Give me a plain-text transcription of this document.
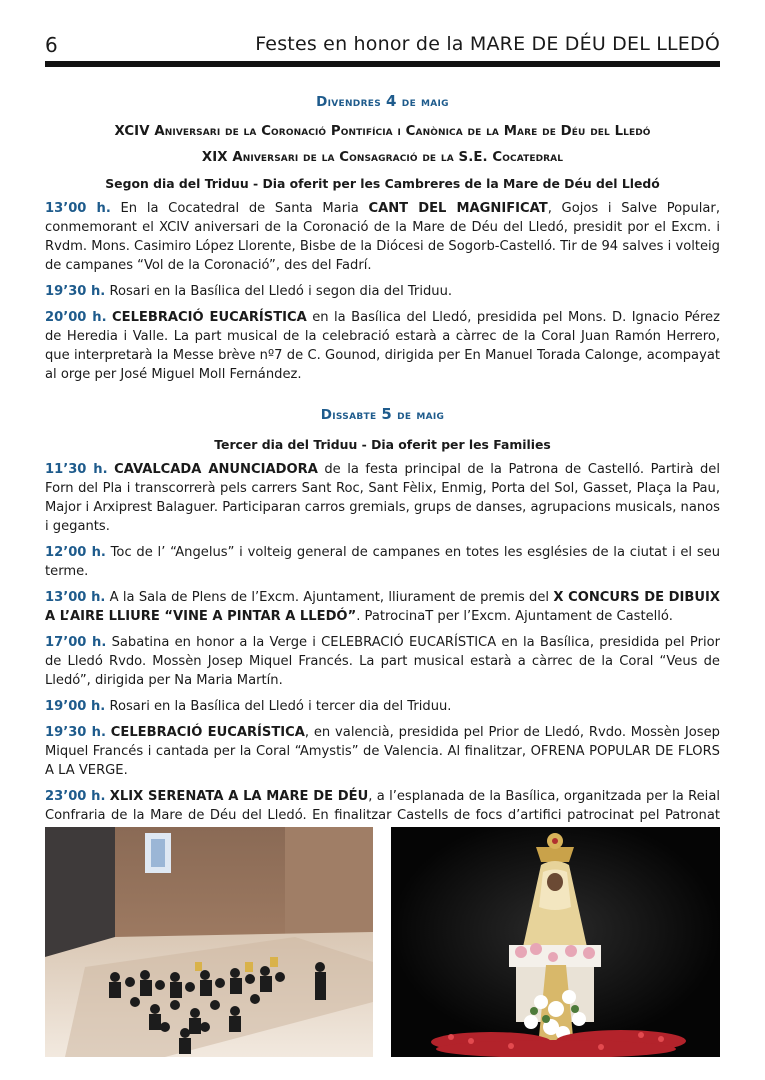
6	Festes en honor de la MARE DE DÉU DEL LLEDÓ
Divendres 4 de maig
XCIV Aniversari de la Coronació Pontifícia i Canònica de la Mare de Déu del Lledó
XIX Aniversari de la Consagració de la S.E. Cocatedral
Segon dia del Triduu - Dia oferit per les Cambreres de la Mare de Déu del Lledó

13’00 h. En la Cocatedral de Santa Maria CANT DEL MAGNIFICAT, Gojos i Salve Popular, conmemorant el XCIV aniversari de la Coronació de la Mare de Déu del Lledó, presidit por el Excm. i Rvdm. Mons. Casimiro López Llorente, Bisbe de la Diócesi de Sogorb-Castelló. Tir de 94 salves i volteig de campanes “Vol de la Coronació”, des del Fadrí.

19’30 h. Rosari en la Basílica del Lledó i segon dia del Triduu.

20’00 h. CELEBRACIÓ EUCARÍSTICA en la Basílica del Lledó, presidida pel Mons. D. Ignacio Pérez de Heredia i Valle. La part musical de la celebració estarà a càrrec de la Coral Juan Ramón Herrero, que interpretarà la Messe brève nº7 de C. Gounod, dirigida per En Manuel Torada Calonge, acompayat al orge per José Miguel Moll Fernández.

Dissabte 5 de maig
Tercer dia del Triduu - Dia oferit per les Families

11’30 h. CAVALCADA ANUNCIADORA de la festa principal de la Patrona de Castelló. Partirà del Forn del Pla i transcorrerà pels carrers Sant Roc, Sant Fèlix, Enmig, Porta del Sol, Gasset, Plaça la Pau, Major i Arxiprest Balaguer. Participaran carros gremials, grups de danses, agrupacions musicals, nanos i gegants.

12’00 h. Toc de l’ “Angelus” i volteig general de campanes en totes les esglésies de la ciutat i el seu terme.

13’00 h. A la Sala de Plens de l’Excm. Ajuntament, lliurament de premis del X CONCURS DE DIBUIX A L’AIRE LLIURE “VINE A PINTAR A LLEDÓ”. PatrocinaT per l’Excm. Ajuntament de Castelló.

17’00 h. Sabatina en honor a la Verge i CELEBRACIÓ EUCARÍSTICA en la Basílica, presidida pel Prior de Lledó Rvdo. Mossèn Josep Miquel Francés. La part musical estarà a càrrec de la Coral “Veus de Lledó”, dirigida per Na Maria Martín.

19’00 h. Rosari en la Basílica del Lledó i tercer dia del Triduu.

19’30 h. CELEBRACIÓ EUCARÍSTICA, en valencià, presidida pel Prior de Lledó, Rvdo. Mossèn Josep Miquel Francés i cantada per la Coral “Amystis” de Valencia. Al finalitzar, OFRENA POPULAR DE FLORS A LA VERGE.

23’00 h. XLIX SERENATA A LA MARE DE DÉU, a l’esplanada de la Basílica, organitzada per la Reial Confraria de la Mare de Déu del Lledó. En finalitzar Castells de focs d’artifici patrocinat pel Patronat
